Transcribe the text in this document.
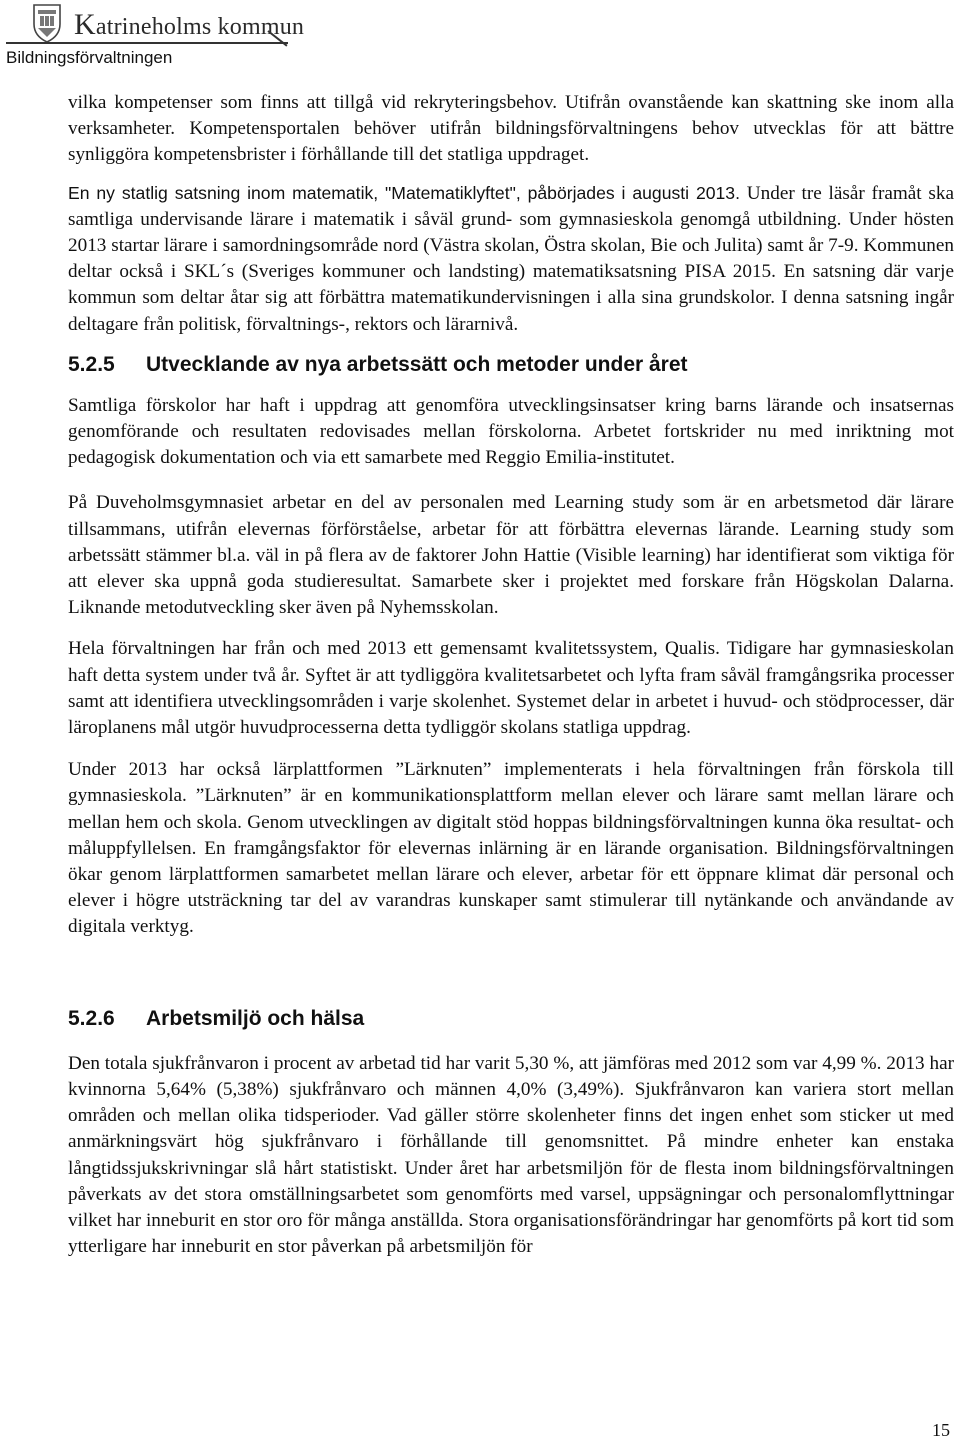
Katrineholms kommun
Bildningsförvaltningen

vilka kompetenser som finns att tillgå vid rekryteringsbehov. Utifrån ovanstående kan skattning ske inom alla verksamheter. Kompetensportalen behöver utifrån bildningsförvaltningens behov utvecklas för att bättre synliggöra kompetensbrister i förhållande till det statliga uppdraget.

En ny statlig satsning inom matematik, "Matematiklyftet", påbörjades i augusti 2013. Under tre läsår framåt ska samtliga undervisande lärare i matematik i såväl grund- som gymnasieskola genomgå utbildning. Under hösten 2013 startar lärare i samordningsområde nord (Västra skolan, Östra skolan, Bie och Julita) samt år 7-9. Kommunen deltar också i SKL´s (Sveriges kommuner och landsting) matematiksatsning PISA 2015. En satsning där varje kommun som deltar åtar sig att förbättra matematikundervisningen i alla sina grundskolor. I denna satsning ingår deltagare från politisk, förvaltnings-, rektors och lärarnivå.

5.2.5 Utvecklande av nya arbetssätt och metoder under året

Samtliga förskolor har haft i uppdrag att genomföra utvecklingsinsatser kring barns lärande och insatsernas genomförande och resultaten redovisades mellan förskolorna. Arbetet fortskrider nu med inriktning mot pedagogisk dokumentation och via ett samarbete med Reggio Emilia-institutet.

På Duveholmsgymnasiet arbetar en del av personalen med Learning study som är en arbetsmetod där lärare tillsammans, utifrån elevernas förförståelse, arbetar för att förbättra elevernas lärande. Learning study som arbetssätt stämmer bl.a. väl in på flera av de faktorer John Hattie (Visible learning) har identifierat som viktiga för att elever ska uppnå goda studieresultat. Samarbete sker i projektet med forskare från Högskolan Dalarna. Liknande metodutveckling sker även på Nyhemsskolan.

Hela förvaltningen har från och med 2013 ett gemensamt kvalitetssystem, Qualis. Tidigare har gymnasieskolan haft detta system under två år. Syftet är att tydliggöra kvalitetsarbetet och lyfta fram såväl framgångsrika processer samt att identifiera utvecklingsområden i varje skolenhet. Systemet delar in arbetet i huvud- och stödprocesser, där läroplanens mål utgör huvudprocesserna detta tydliggör skolans statliga uppdrag.

Under 2013 har också lärplattformen ”Lärknuten” implementerats i hela förvaltningen från förskola till gymnasieskola. ”Lärknuten” är en kommunikationsplattform mellan elever och lärare samt mellan lärare och mellan hem och skola. Genom utvecklingen av digitalt stöd hoppas bildningsförvaltningen kunna öka resultat- och måluppfyllelsen. En framgångsfaktor för elevernas inlärning är en lärande organisation. Bildningsförvaltningen ökar genom lärplattformen samarbetet mellan lärare och elever, arbetar för ett öppnare klimat där personal och elever i högre utsträckning tar del av varandras kunskaper samt stimulerar till nytänkande och användande av digitala verktyg.

5.2.6 Arbetsmiljö och hälsa

Den totala sjukfrånvaron i procent av arbetad tid har varit 5,30 %, att jämföras med 2012 som var 4,99 %. 2013 har kvinnorna 5,64% (5,38%) sjukfrånvaro och männen 4,0% (3,49%). Sjukfrånvaron kan variera stort mellan områden och mellan olika tidsperioder. Vad gäller större skolenheter finns det ingen enhet som sticker ut med anmärkningsvärt hög sjukfrånvaro i förhållande till genomsnittet. På mindre enheter kan enstaka långtidssjukskrivningar slå hårt statistiskt. Under året har arbetsmiljön för de flesta inom bildningsförvaltningen påverkats av det stora omställningsarbetet som genomförts med varsel, uppsägningar och personalomflyttningar vilket har inneburit en stor oro för många anställda. Stora organisationsförändringar har genomförts på kort tid som ytterligare har inneburit en stor påverkan på arbetsmiljön för

15
